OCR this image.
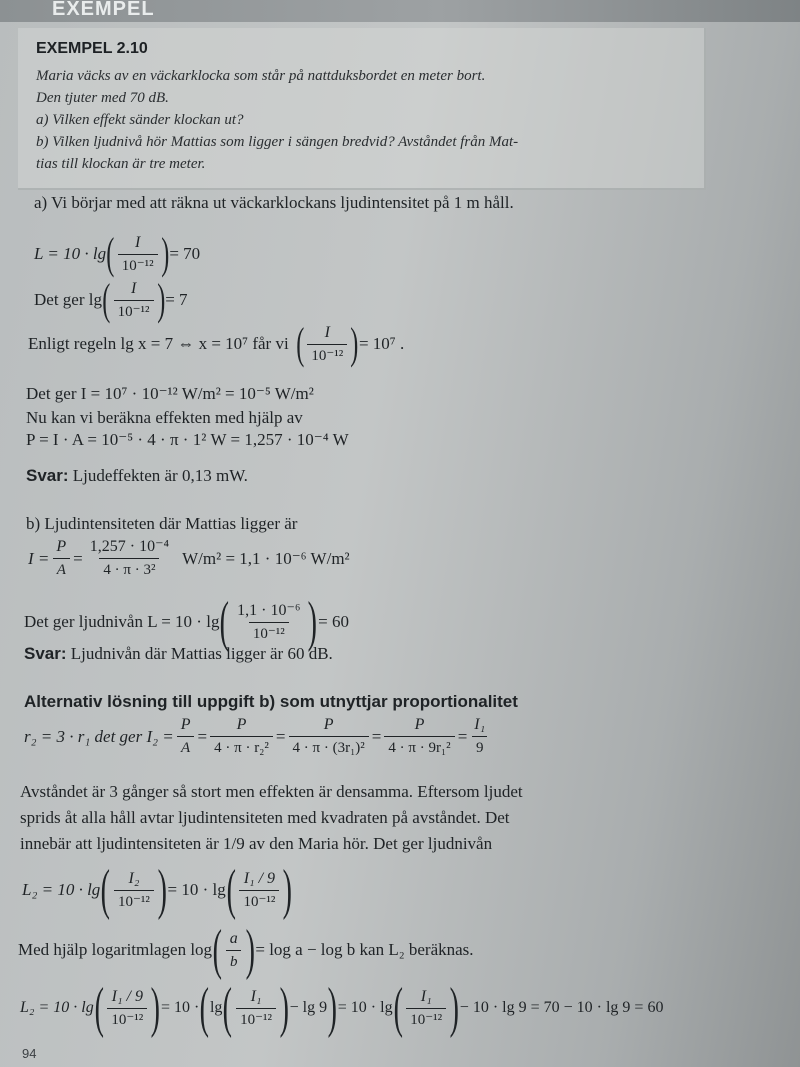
EXEMPEL
EXEMPEL 2.10
Maria väcks av en väckarklocka som står på nattduksbordet en meter bort.
Den tjuter med 70 dB.
a) Vilken effekt sänder klockan ut?
b) Vilken ljudnivå hör Mattias som ligger i sängen bredvid? Avståndet från Mat-
tias till klockan är tre meter.
a) Vi börjar med att räkna ut väckarklockans ljudintensitet på 1 m håll.
L = 10 · lg ( $\frac{I}{\text{10⁻¹²}}$ ) = 70
Det ger lg ( $\frac{I}{\text{10⁻¹²}}$ ) = 7
Enligt regeln lg x = 7 ⇔ x = 10⁷ får vi ( $\frac{I}{\text{10⁻¹²}}$ ) = 10⁷ .
Det ger I = 10⁷ · 10⁻¹² W/m² = 10⁻⁵ W/m²
Nu kan vi beräkna effekten med hjälp av
P = I · A = 10⁻⁵ · 4 · π · 1² W = 1,257 · 10⁻⁴ W
Svar: Ljudeffekten är 0,13 mW.
b) Ljudintensiteten där Mattias ligger är
$I = \frac{P}{A} = \frac{\text{1,257 · 10⁻⁴}}{\text{4 · π · 3²}} W/m^2 = 1,1 \cdot 10^{-6}$ W/m²
Det ger ljudnivån L = 10 · lg ( $\frac{\text{1,1 · 10⁻⁶}}{\text{10⁻¹²}}$ ) = 60
Svar: Ljudnivån där Mattias ligger är 60 dB.
Alternativ lösning till uppgift b) som utnyttjar proportionalitet
r₂ = 3 · r₁ det ger $I_2 = \frac{P}{A} = \frac{P}{\text{4 · π · r₂²}} = \frac{P}{\text{4 · π · (3r₁)²}} = \frac{P}{\text{4 · π · 9r₁²}} = \frac{\text{I₁}}{9}$
Avståndet är 3 gånger så stort men effekten är densamma. Eftersom ljudet
sprids åt alla håll avtar ljudintensiteten med kvadraten på avståndet. Det
innebär att ljudintensiteten är 1/9 av den Maria hör. Det ger ljudnivån
L₂ = 10 · lg ( $\frac{\text{I₂}}{\text{10⁻¹²}}$ ) = 10 · lg ( $\frac{\text{I₁ / 9}}{\text{10⁻¹²}}$ )
Med hjälp logaritmlagen log ( $\frac{a}{b}$ ) = log a − log b kan L₂ beräknas.
L₂ = 10 · lg ( $\frac{\text{I₁ / 9}}{\text{10⁻¹²}}$ ) = 10 · ( lg ( $\frac{\text{I₁}}{\text{10⁻¹²}}$ ) − lg 9 ) = 10 · lg ( $\frac{\text{I₁}}{\text{10⁻¹²}}$ ) − 10 · lg 9 = 70 − 10 · lg 9 = 60
94
